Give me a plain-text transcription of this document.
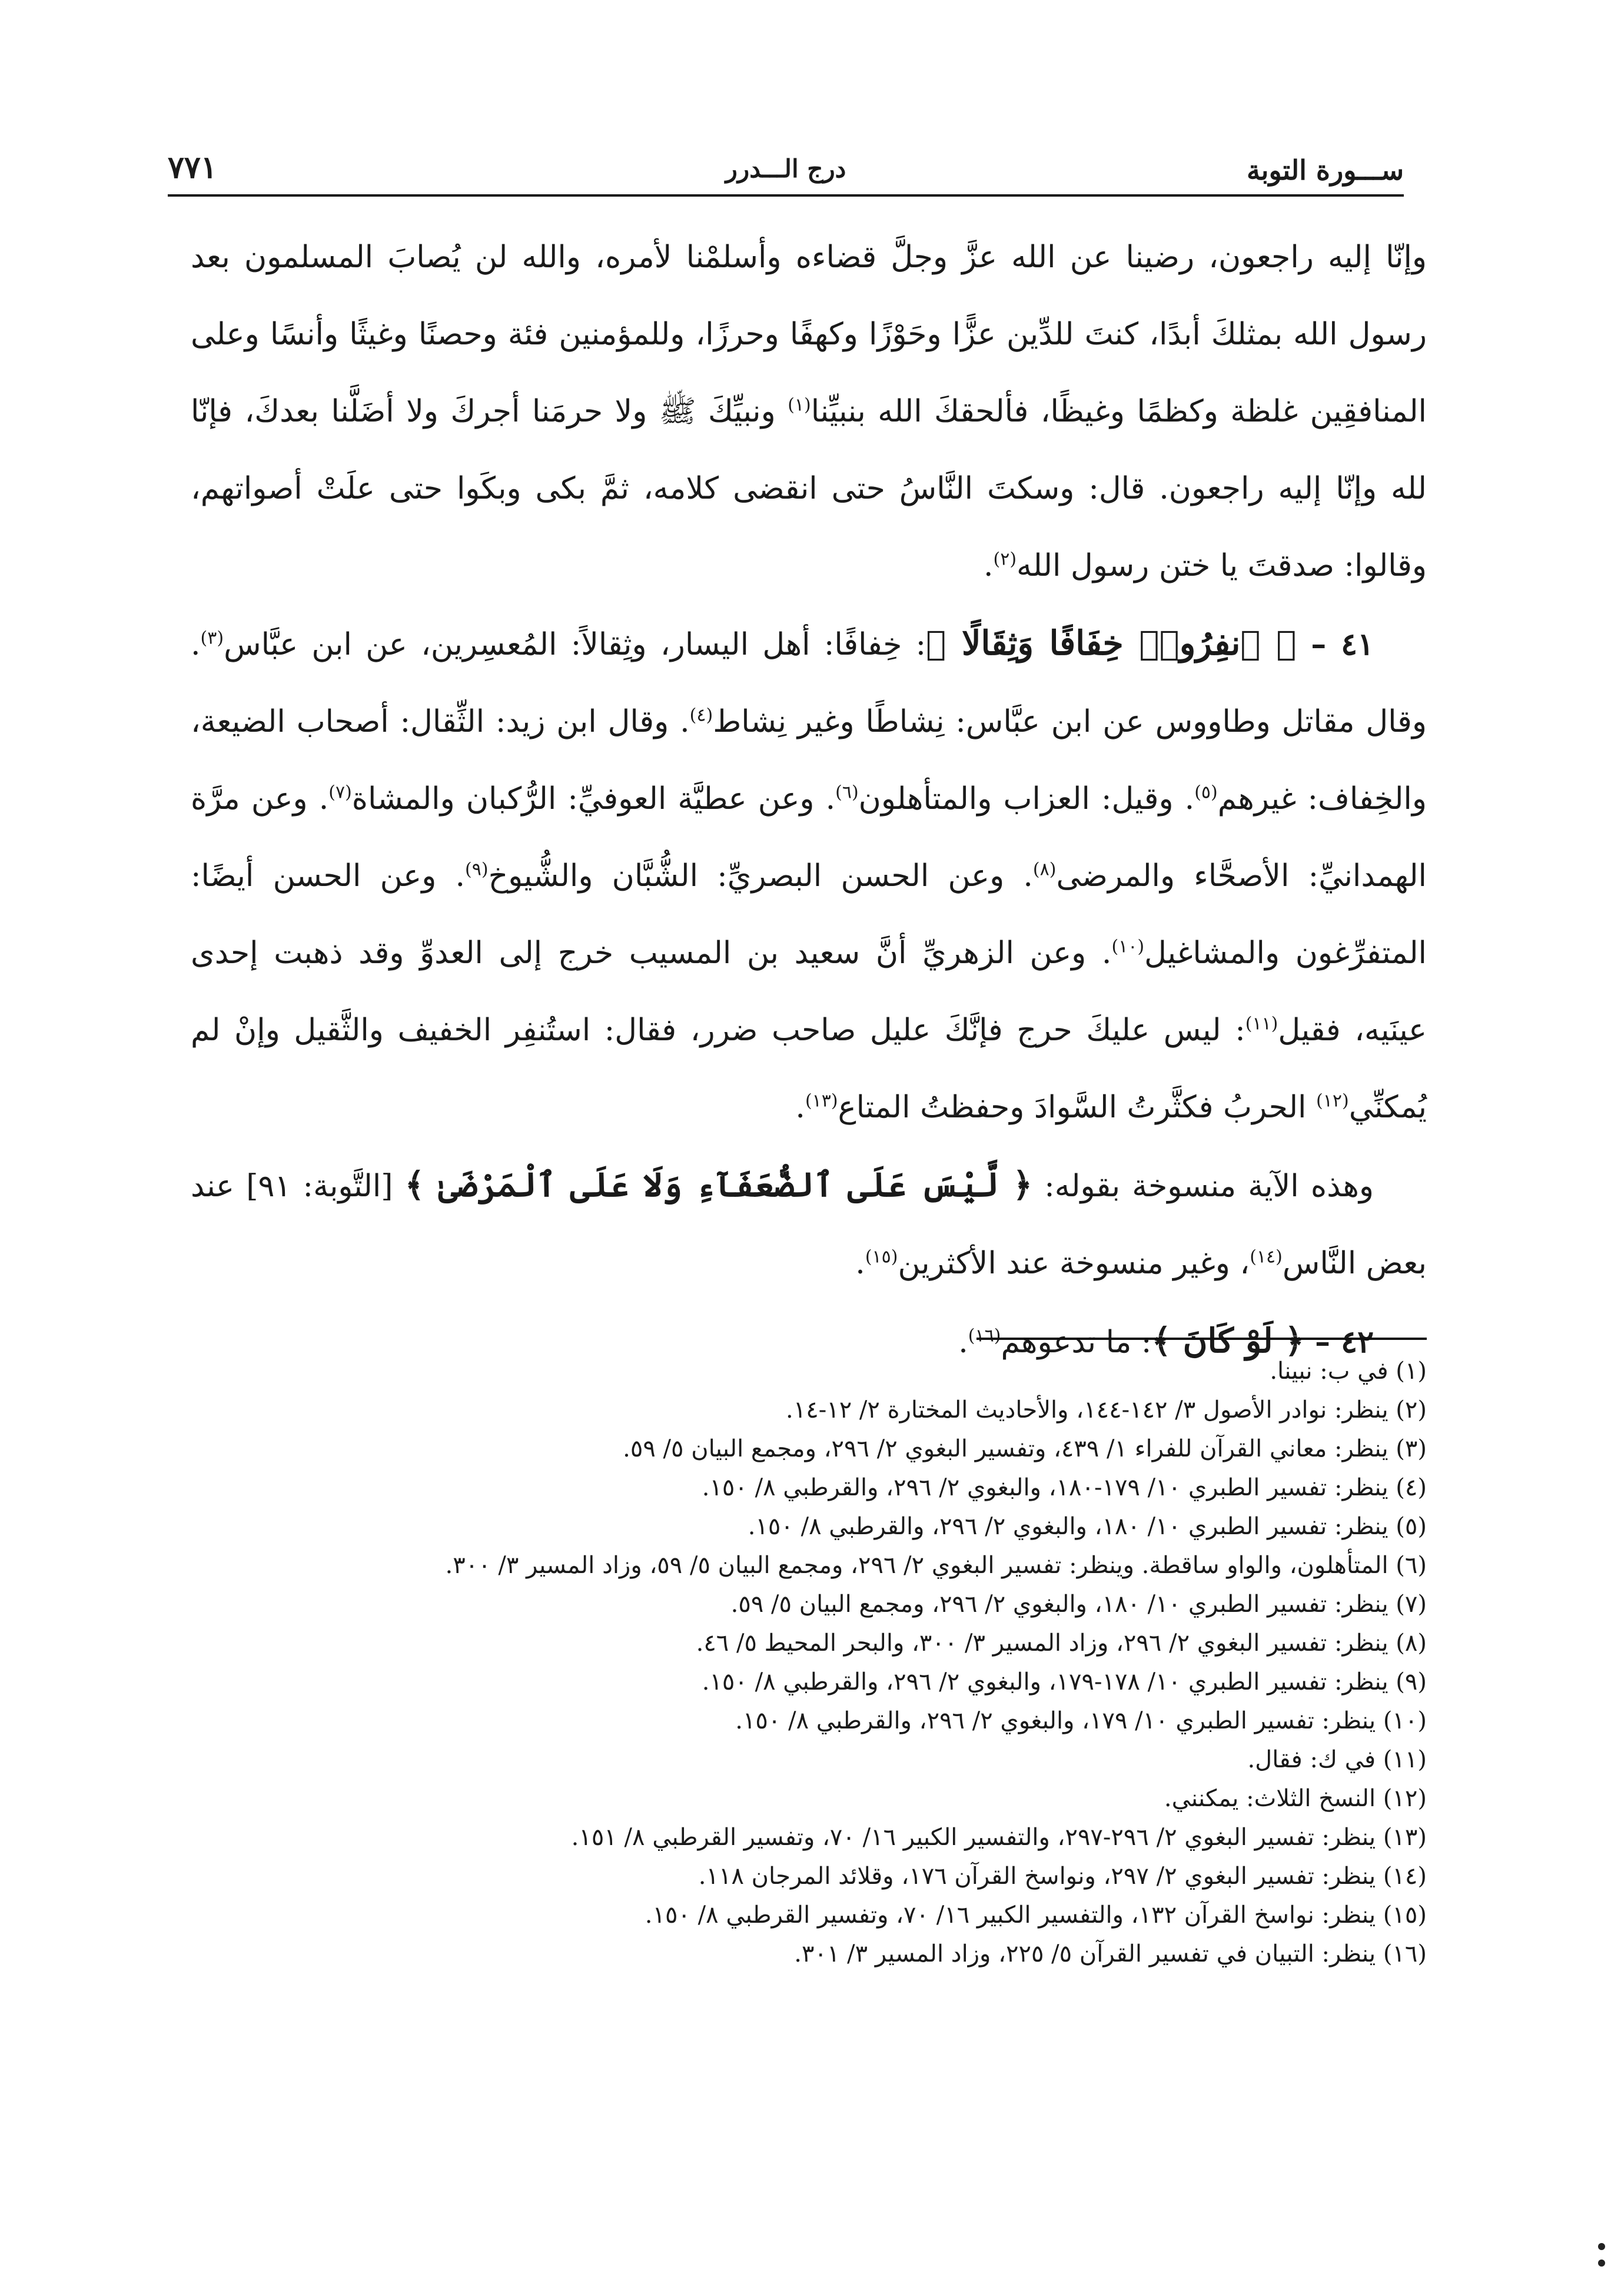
ســـورة التوبة
درج الـــدرر
٧٧١

وإنّا إليه راجعون، رضينا عن الله عزَّ وجلَّ قضاءه وأسلمْنا لأمره، والله لن يُصابَ المسلمون بعد رسول الله بمثلكَ أبدًا، كنتَ للدِّين عزًّا وحَوْزًا وكهفًا وحرزًا، وللمؤمنين فئة وحصنًا وغيثًا وأنسًا وعلى المنافقِين غلظة وكظمًا وغيظًا، فألحقكَ الله بنبيِّنا$^{(١)}$ ونبيِّكَ ﷺ ولا حرمَنا أجركَ ولا أضَلَّنا بعدكَ، فإنّا لله وإنّا إليه راجعون. قال: وسكتَ النَّاسُ حتى انقضى كلامه، ثمَّ بكى وبكَوا حتى علَتْ أصواتهم، وقالوا: صدقتَ يا ختن رسول الله$^{(٢)}$.

٤١ – ﴿ ٱنفِرُوا۟ خِفَافًا وَثِقَالًا ﴾: خِفافًا: أهل اليسار، وثِقالاً: المُعسِرين، عن ابن عبَّاس$^{(٣)}$. وقال مقاتل وطاووس عن ابن عبَّاس: نِشاطًا وغير نِشاط$^{(٤)}$. وقال ابن زيد: الثِّقال: أصحاب الضيعة، والخِفاف: غيرهم$^{(٥)}$. وقيل: العزاب والمتأهلون$^{(٦)}$. وعن عطيَّة العوفيِّ: الرُّكبان والمشاة$^{(٧)}$. وعن مرَّة الهمدانيِّ: الأصحَّاء والمرضى$^{(٨)}$. وعن الحسن البصريِّ: الشُّبَّان والشُّيوخ$^{(٩)}$. وعن الحسن أيضًا: المتفرِّغون والمشاغيل$^{(١٠)}$. وعن الزهريِّ أنَّ سعيد بن المسيب خرج إلى العدوِّ وقد ذهبت إحدى عينَيه، فقيل$^{(١١)}$: ليس عليكَ حرج فإنَّكَ عليل صاحب ضرر، فقال: استُنفِر الخفيف والثَّقيل وإنْ لم يُمكنِّي$^{(١٢)}$ الحربُ فكثَّرتُ السَّوادَ وحفظتُ المتاع$^{(١٣)}$.

وهذه الآية منسوخة بقوله: ﴿ لَّيْسَ عَلَى ٱلضُّعَفَآءِ وَلَا عَلَى ٱلْمَرْضَىٰ ﴾ [التَّوبة: ٩١] عند بعض النَّاس$^{(١٤)}$، وغير منسوخة عند الأكثرين$^{(١٥)}$.

٤٢ – ﴿ لَوْ كَانَ ﴾: ما تدعوهم$^{(١٦)}$.

(١) في ب: نبينا.
(٢) ينظر: نوادر الأصول ٣/ ١٤٢-١٤٤، والأحاديث المختارة ٢/ ١٢-١٤.
(٣) ينظر: معاني القرآن للفراء ١/ ٤٣٩، وتفسير البغوي ٢/ ٢٩٦، ومجمع البيان ٥/ ٥٩.
(٤) ينظر: تفسير الطبري ١٠/ ١٧٩-١٨٠، والبغوي ٢/ ٢٩٦، والقرطبي ٨/ ١٥٠.
(٥) ينظر: تفسير الطبري ١٠/ ١٨٠، والبغوي ٢/ ٢٩٦، والقرطبي ٨/ ١٥٠.
(٦) المتأهلون، والواو ساقطة. وينظر: تفسير البغوي ٢/ ٢٩٦، ومجمع البيان ٥/ ٥٩، وزاد المسير ٣/ ٣٠٠.
(٧) ينظر: تفسير الطبري ١٠/ ١٨٠، والبغوي ٢/ ٢٩٦، ومجمع البيان ٥/ ٥٩.
(٨) ينظر: تفسير البغوي ٢/ ٢٩٦، وزاد المسير ٣/ ٣٠٠، والبحر المحيط ٥/ ٤٦.
(٩) ينظر: تفسير الطبري ١٠/ ١٧٨-١٧٩، والبغوي ٢/ ٢٩٦، والقرطبي ٨/ ١٥٠.
(١٠) ينظر: تفسير الطبري ١٠/ ١٧٩، والبغوي ٢/ ٢٩٦، والقرطبي ٨/ ١٥٠.
(١١) في ك: فقال.
(١٢) النسخ الثلاث: يمكنني.
(١٣) ينظر: تفسير البغوي ٢/ ٢٩٦-٢٩٧، والتفسير الكبير ١٦/ ٧٠، وتفسير القرطبي ٨/ ١٥١.
(١٤) ينظر: تفسير البغوي ٢/ ٢٩٧، ونواسخ القرآن ١٧٦، وقلائد المرجان ١١٨.
(١٥) ينظر: نواسخ القرآن ١٣٢، والتفسير الكبير ١٦/ ٧٠، وتفسير القرطبي ٨/ ١٥٠.
(١٦) ينظر: التبيان في تفسير القرآن ٥/ ٢٢٥، وزاد المسير ٣/ ٣٠١.
